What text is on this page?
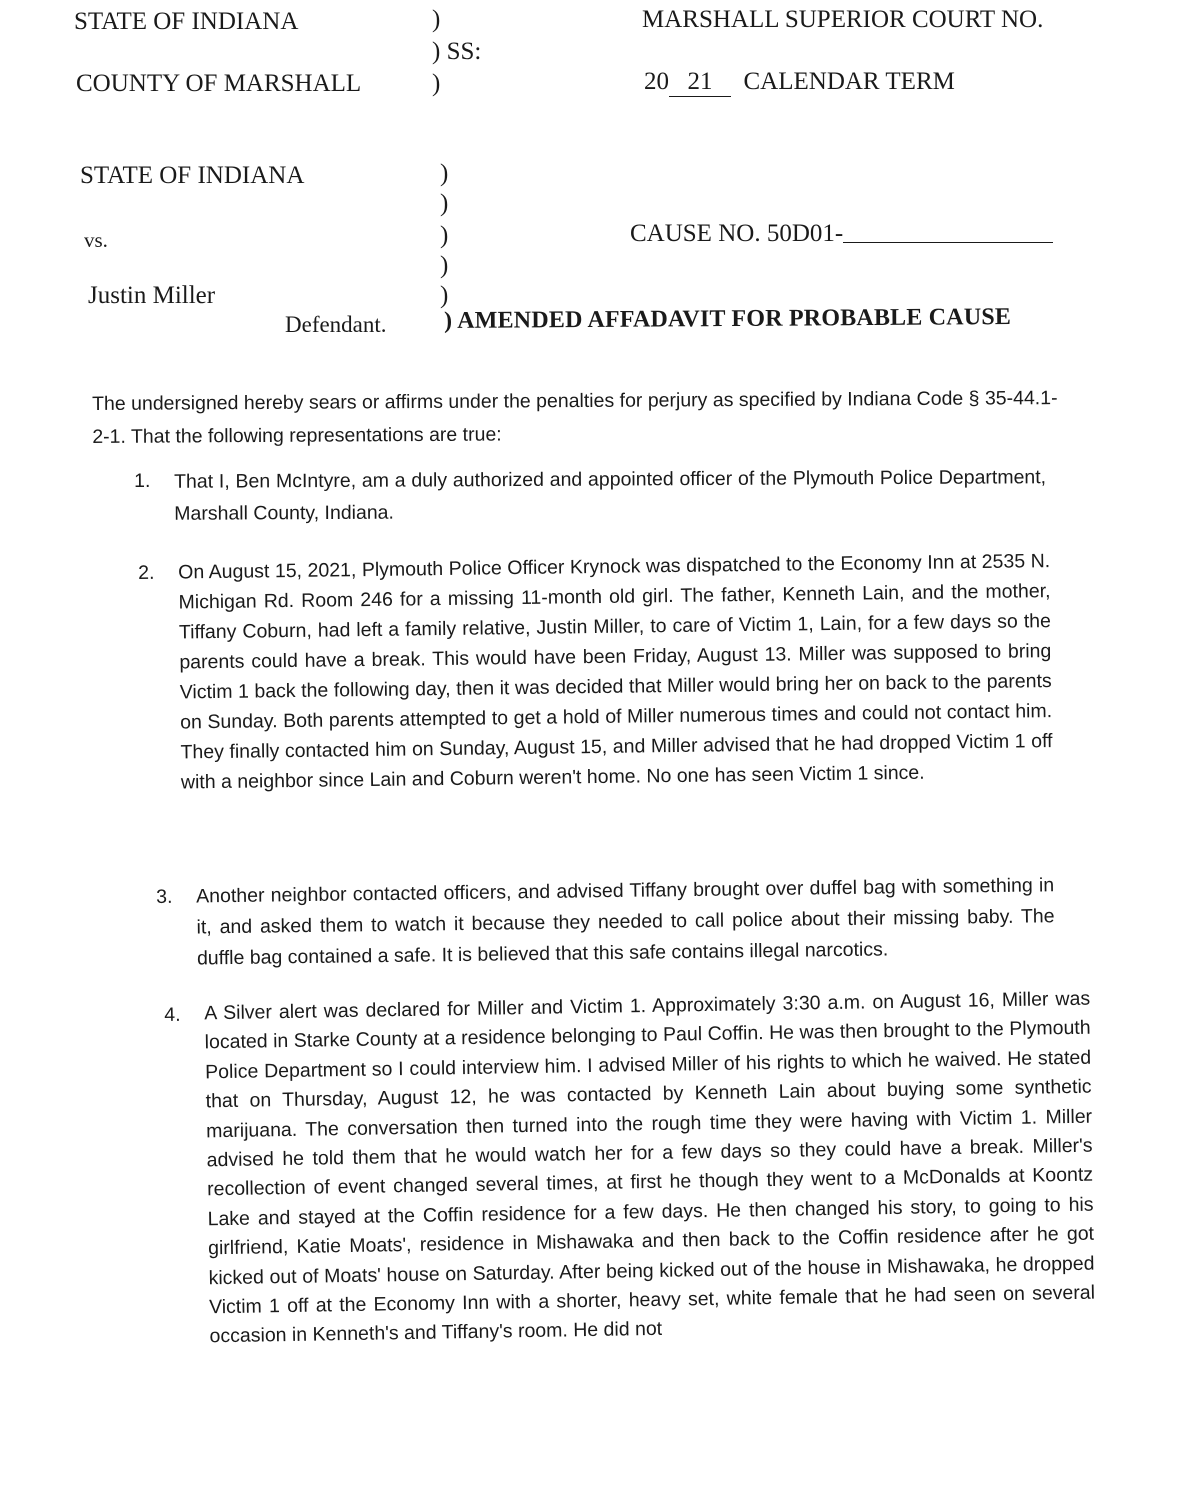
STATE OF INDIANA	)
) SS:
)
COUNTY OF MARSHALL
MARSHALL SUPERIOR COURT NO.
20 21 CALENDAR TERM
STATE OF INDIANA	)
)
)
)
)
vs.	CAUSE NO. 50D01-
Justin Miller
Defendant. ) AMENDED AFFADAVIT FOR PROBABLE CAUSE
The undersigned hereby sears or affirms under the penalties for perjury as specified by Indiana Code § 35-44.1-2-1. That the following representations are true:
1.	That I, Ben McIntyre, am a duly authorized and appointed officer of the Plymouth Police Department, Marshall County, Indiana.
2.	On August 15, 2021, Plymouth Police Officer Krynock was dispatched to the Economy Inn at 2535 N. Michigan Rd. Room 246 for a missing 11-month old girl. The father, Kenneth Lain, and the mother, Tiffany Coburn, had left a family relative, Justin Miller, to care of Victim 1, Lain, for a few days so the parents could have a break. This would have been Friday, August 13. Miller was supposed to bring Victim 1 back the following day, then it was decided that Miller would bring her on back to the parents on Sunday. Both parents attempted to get a hold of Miller numerous times and could not contact him. They finally contacted him on Sunday, August 15, and Miller advised that he had dropped Victim 1 off with a neighbor since Lain and Coburn weren't home. No one has seen Victim 1 since.
3.	Another neighbor contacted officers, and advised Tiffany brought over duffel bag with something in it, and asked them to watch it because they needed to call police about their missing baby. The duffle bag contained a safe. It is believed that this safe contains illegal narcotics.
4.	A Silver alert was declared for Miller and Victim 1. Approximately 3:30 a.m. on August 16, Miller was located in Starke County at a residence belonging to Paul Coffin. He was then brought to the Plymouth Police Department so I could interview him. I advised Miller of his rights to which he waived. He stated that on Thursday, August 12, he was contacted by Kenneth Lain about buying some synthetic marijuana. The conversation then turned into the rough time they were having with Victim 1. Miller advised he told them that he would watch her for a few days so they could have a break. Miller's recollection of event changed several times, at first he though they went to a McDonalds at Koontz Lake and stayed at the Coffin residence for a few days. He then changed his story, to going to his girlfriend, Katie Moats', residence in Mishawaka and then back to the Coffin residence after he got kicked out of Moats' house on Saturday. After being kicked out of the house in Mishawaka, he dropped Victim 1 off at the Economy Inn with a shorter, heavy set, white female that he had seen on several occasion in Kenneth's and Tiffany's room. He did not
